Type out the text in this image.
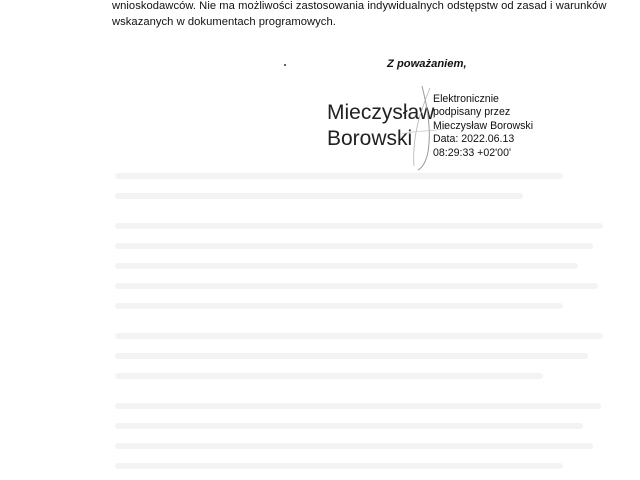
wnioskodawców. Nie ma możliwości zastosowania indywidualnych odstępstw od zasad i warunków
wskazanych w dokumentach programowych.

Z poważaniem,
Mieczysław
Borowski
Elektronicznie
podpisany przez
Mieczysław Borowski
Data: 2022.06.13
08:29:33 +02'00'
